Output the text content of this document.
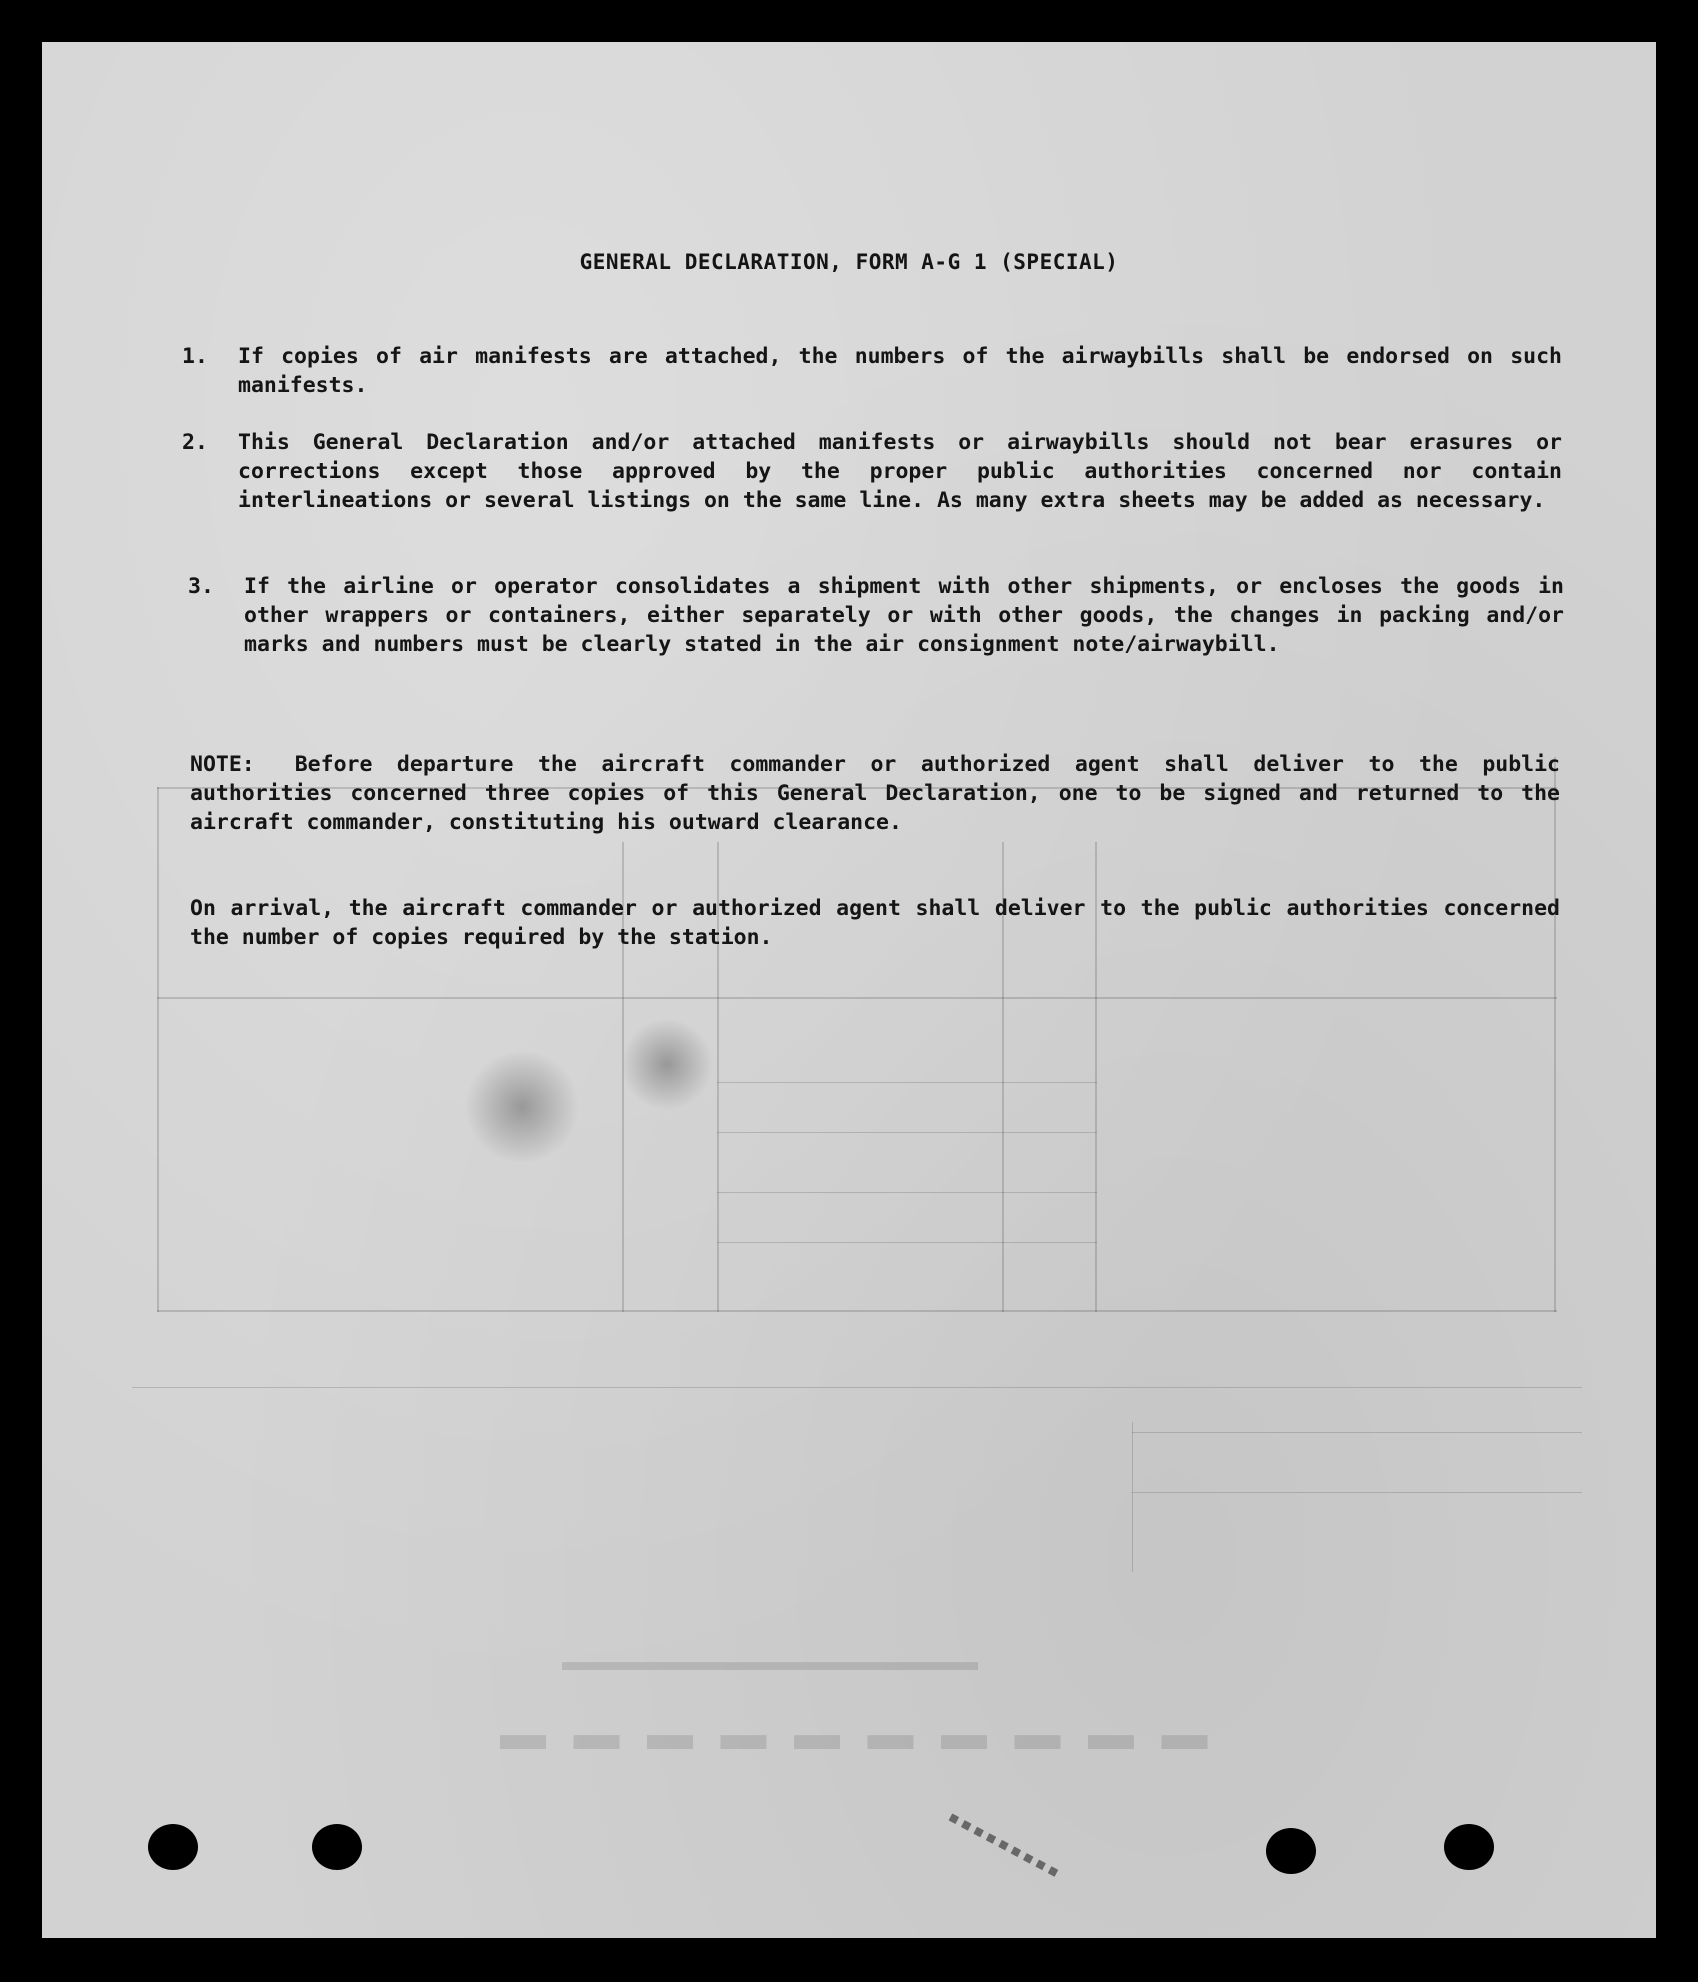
▬ ▬ ▬ ▬ ▬ ▬ ▬ ▬ ▬ ▬
▬▬▬▬▬▬▬▬▬▬▬▬▬▬▬▬
GENERAL DECLARATION, FORM A-G 1 (SPECIAL)
1.	If copies of air manifests are attached, the numbers of the airwaybills shall be endorsed on such manifests.
2.	This General Declaration and/or attached manifests or airwaybills should not bear erasures or corrections except those approved by the proper public authorities concerned nor contain interlineations or several listings on the same line. As many extra sheets may be added as necessary.
3.	If the airline or operator consolidates a shipment with other shipments, or encloses the goods in other wrappers or containers, either separately or with other goods, the changes in packing and/or marks and numbers must be clearly stated in the air consignment note/airwaybill.
NOTE: Before departure the aircraft commander or authorized agent shall deliver to the public authorities concerned three copies of this General Declaration, one to be signed and returned to the aircraft commander, constituting his outward clearance.
On arrival, the aircraft commander or authorized agent shall deliver to the public authorities concerned the number of copies required by the station.
▪▪▪▪▪▪▪▪▪
